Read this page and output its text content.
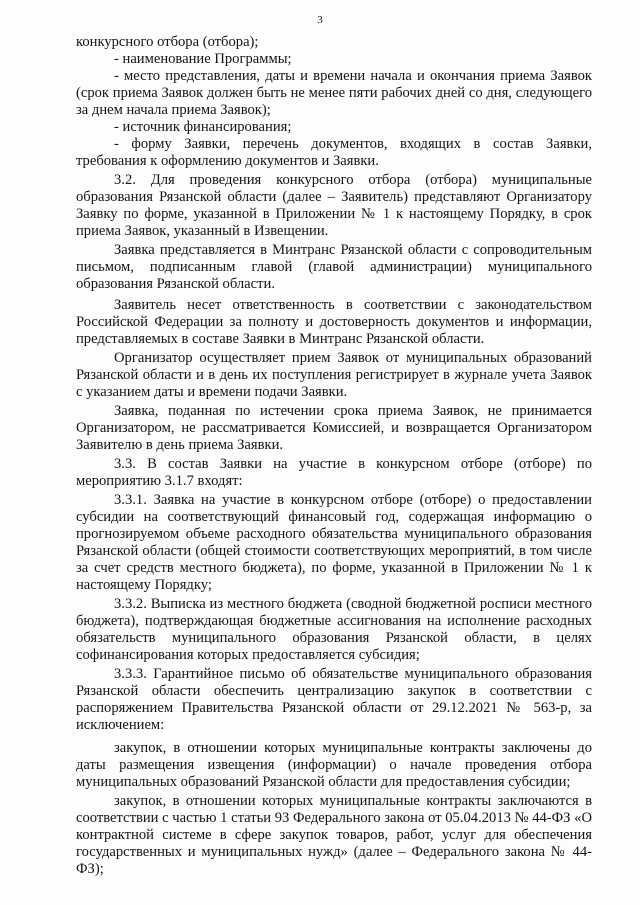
3

конкурсного отбора (отбора);

- наименование Программы;

- место представления, даты и времени начала и окончания приема Заявок (срок приема Заявок должен быть не менее пяти рабочих дней со дня, следующего за днем начала приема Заявок);

- источник финансирования;

- форму Заявки, перечень документов, входящих в состав Заявки, требования к оформлению документов и Заявки.

3.2. Для проведения конкурсного отбора (отбора) муниципальные образования Рязанской области (далее – Заявитель) представляют Организатору Заявку по форме, указанной в Приложении № 1 к настоящему Порядку, в срок приема Заявок, указанный в Извещении.

Заявка представляется в Минтранс Рязанской области с сопроводительным письмом, подписанным главой (главой администрации) муниципального образования Рязанской области.

Заявитель несет ответственность в соответствии с законодательством Российской Федерации за полноту и достоверность документов и информации, представляемых в составе Заявки в Минтранс Рязанской области.

Организатор осуществляет прием Заявок от муниципальных образований Рязанской области и в день их поступления регистрирует в журнале учета Заявок с указанием даты и времени подачи Заявки.

Заявка, поданная по истечении срока приема Заявок, не принимается Организатором, не рассматривается Комиссией, и возвращается Организатором Заявителю в день приема Заявки.

3.3. В состав Заявки на участие в конкурсном отборе (отборе) по мероприятию 3.1.7 входят:

3.3.1. Заявка на участие в конкурсном отборе (отборе) о предоставлении субсидии на соответствующий финансовый год, содержащая информацию о прогнозируемом объеме расходного обязательства муниципального образования Рязанской области (общей стоимости соответствующих мероприятий, в том числе за счет средств местного бюджета), по форме, указанной в Приложении № 1 к настоящему Порядку;

3.3.2. Выписка из местного бюджета (сводной бюджетной росписи местного бюджета), подтверждающая бюджетные ассигнования на исполнение расходных обязательств муниципального образования Рязанской области, в целях софинансирования которых предоставляется субсидия;

3.3.3. Гарантийное письмо об обязательстве муниципального образования Рязанской области обеспечить централизацию закупок в соответствии с распоряжением Правительства Рязанской области от 29.12.2021 № 563-р, за исключением:

закупок, в отношении которых муниципальные контракты заключены до даты размещения извещения (информации) о начале проведения отбора муниципальных образований Рязанской области для предоставления субсидии;

закупок, в отношении которых муниципальные контракты заключаются в соответствии с частью 1 статьи 93 Федерального закона от 05.04.2013 № 44-ФЗ «О контрактной системе в сфере закупок товаров, работ, услуг для обеспечения государственных и муниципальных нужд» (далее – Федерального закона № 44-ФЗ);
